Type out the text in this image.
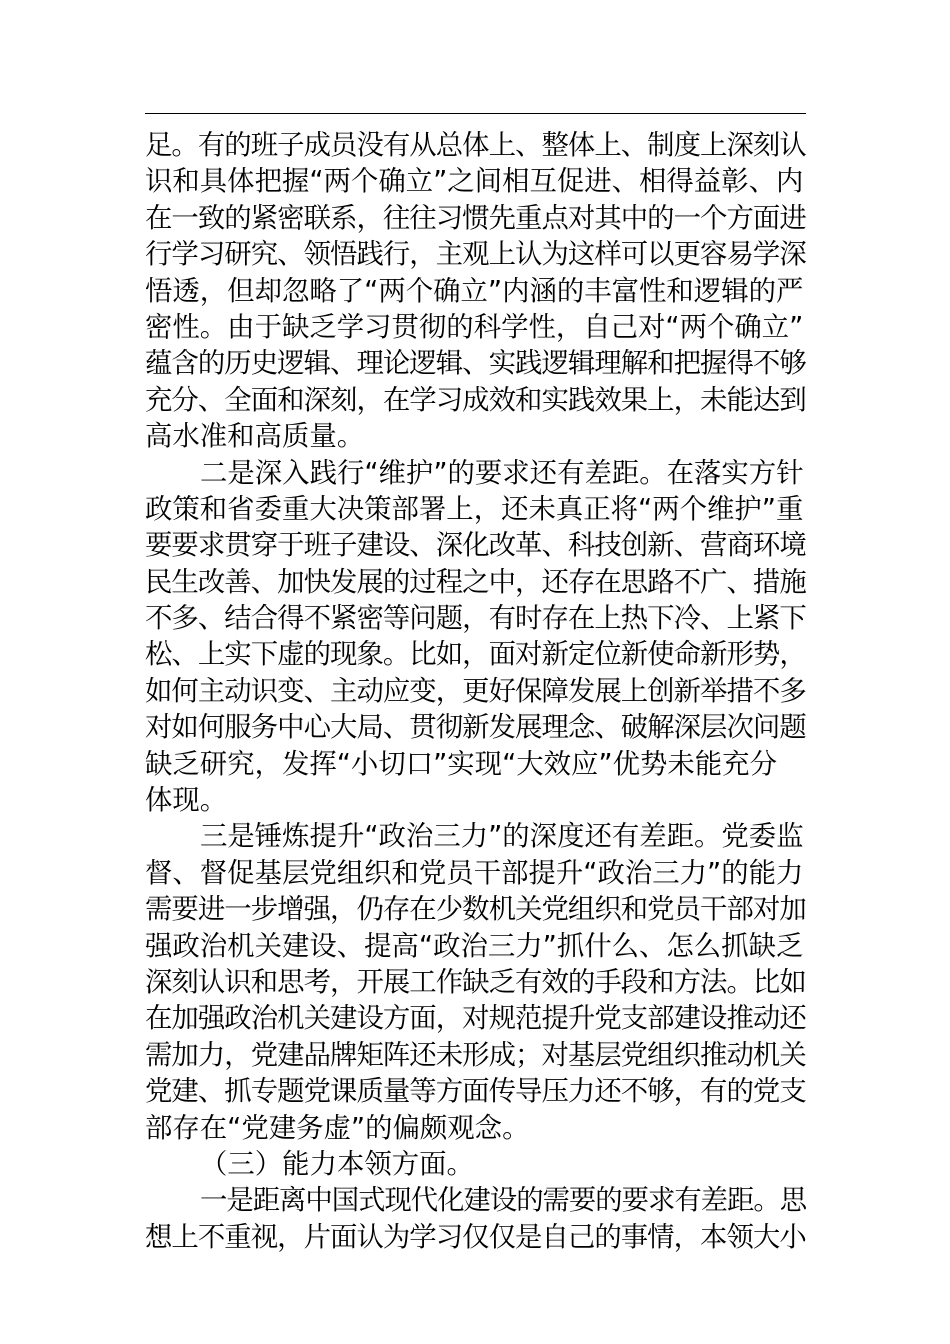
足。有的班子成员没有从总体上、整体上、制度上深刻认
识和具体把握“两个确立”之间相互促进、相得益彰、内
在一致的紧密联系，往往习惯先重点对其中的一个方面进
行学习研究、领悟践行，主观上认为这样可以更容易学深
悟透，但却忽略了“两个确立”内涵的丰富性和逻辑的严
密性。由于缺乏学习贯彻的科学性，自己对“两个确立”
蕴含的历史逻辑、理论逻辑、实践逻辑理解和把握得不够
充分、全面和深刻，在学习成效和实践效果上，未能达到
高水准和高质量。
二是深入践行“维护”的要求还有差距。在落实方针
政策和省委重大决策部署上，还未真正将“两个维护”重
要要求贯穿于班子建设、深化改革、科技创新、营商环境
民生改善、加快发展的过程之中，还存在思路不广、措施
不多、结合得不紧密等问题，有时存在上热下冷、上紧下
松、上实下虚的现象。比如，面对新定位新使命新形势，
如何主动识变、主动应变，更好保障发展上创新举措不多
对如何服务中心大局、贯彻新发展理念、破解深层次问题
缺乏研究，发挥“小切口”实现“大效应”优势未能充分
体现。
三是锤炼提升“政治三力”的深度还有差距。党委监
督、督促基层党组织和党员干部提升“政治三力”的能力
需要进一步增强，仍存在少数机关党组织和党员干部对加
强政治机关建设、提高“政治三力”抓什么、怎么抓缺乏
深刻认识和思考，开展工作缺乏有效的手段和方法。比如
在加强政治机关建设方面，对规范提升党支部建设推动还
需加力，党建品牌矩阵还未形成；对基层党组织推动机关
党建、抓专题党课质量等方面传导压力还不够，有的党支
部存在“党建务虚”的偏颇观念。
（三）能力本领方面。
一是距离中国式现代化建设的需要的要求有差距。思
想上不重视，片面认为学习仅仅是自己的事情，本领大小
